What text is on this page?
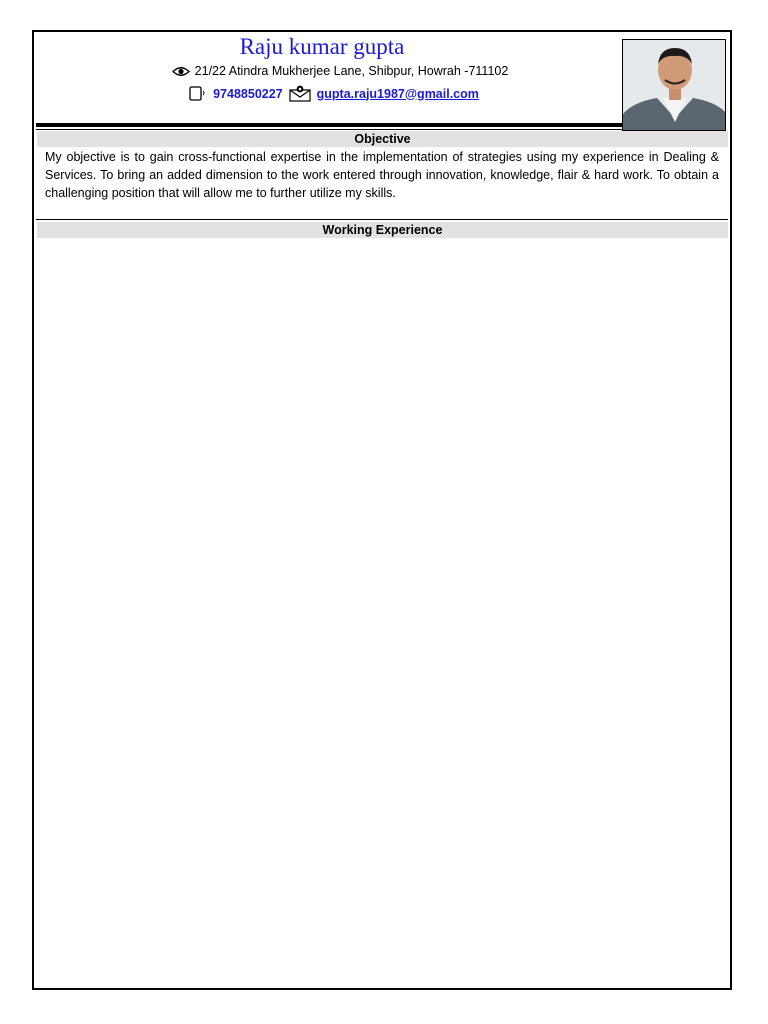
Raju kumar gupta
21/22 Atindra Mukherjee Lane, Shibpur, Howrah -711102
9748850227	gupta.raju1987@gmail.com
Objective
My objective is to gain cross-functional expertise in the implementation of strategies using my experience in Dealing & Services. To bring an added dimension to the work entered through innovation, knowledge, flair & hard work. To obtain a challenging position that will allow me to further utilize my skills.
Working Experience
